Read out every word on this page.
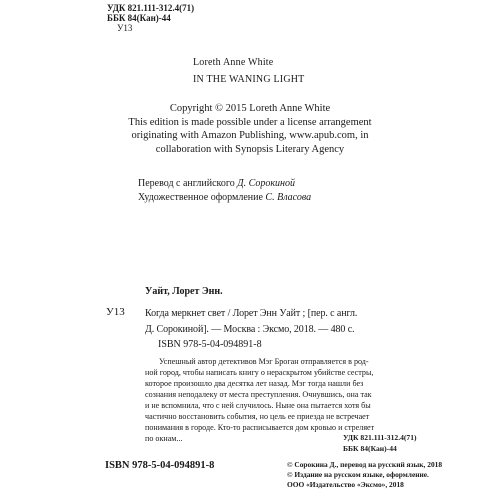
УДК 821.111-312.4(71)
ББК 84(Кан)-44
У13
Loreth Anne White
IN THE WANING LIGHT
Copyright © 2015 Loreth Anne White
This edition is made possible under a license arrangement
originating with Amazon Publishing, www.apub.com, in
collaboration with Synopsis Literary Agency
Перевод с английского Д. Сорокиной
Художественное оформление С. Власова
Уайт, Лорет Энн.
У13 Когда меркнет свет / Лорет Энн Уайт ; [пер. с англ.
Д. Сорокиной]. — Москва : Эксмо, 2018. — 480 с.
ISBN 978-5-04-094891-8
Успешный автор детективов Мэг Броган отправляется в род-
ной город, чтобы написать книгу о нераскрытом убийстве сестры,
которое произошло два десятка лет назад. Мэг тогда нашли без
сознания неподалеку от места преступления. Очнувшись, она так
и не вспомнила, что с ней случилось. Ныне она пытается хотя бы
частично восстановить события, но цель ее приезда не встречает
понимания в городе. Кто-то расписывается дом кровью и стреляет
по окнам...	УДК 821.111-312.4(71)
ББК 84(Кан)-44
ISBN 978-5-04-094891-8	© Сорокина Д., перевод на русский язык, 2018
© Издание на русском языке, оформление.
ООО «Издательство «Эксмо», 2018
